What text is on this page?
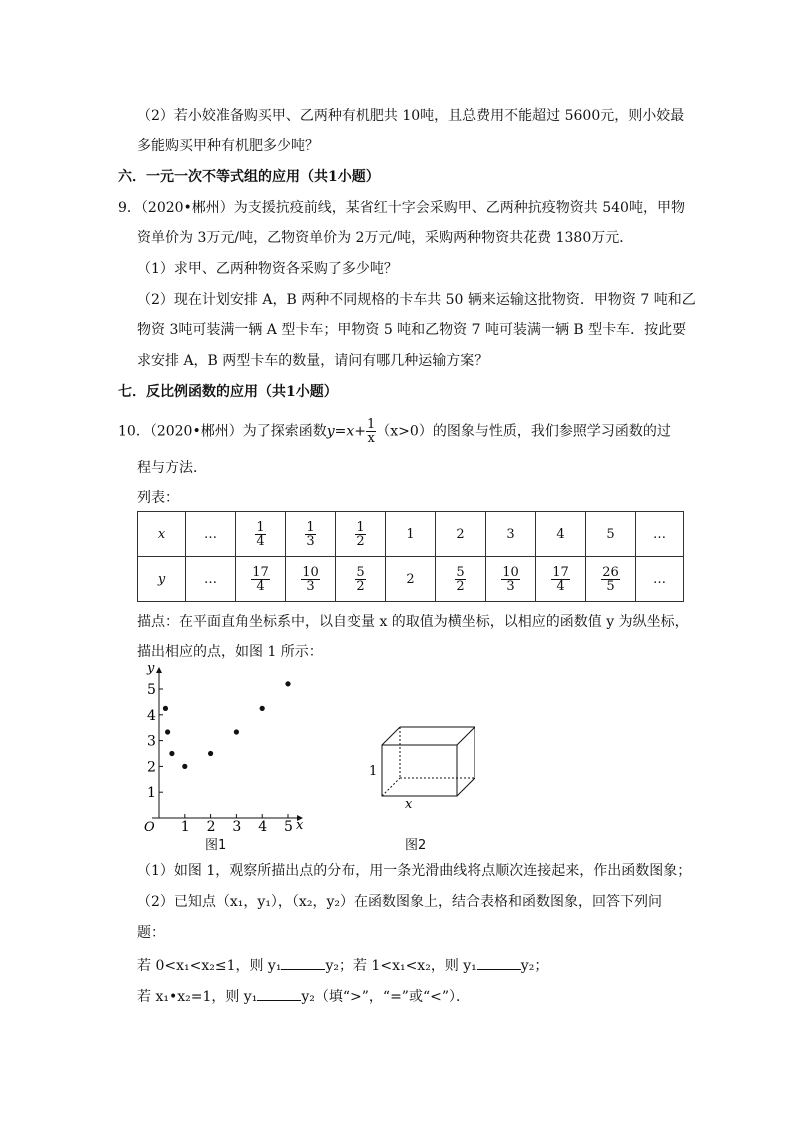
（2）若小姣准备购买甲、乙两种有机肥共 10吨，且总费用不能超过 5600元，则小姣最
多能购买甲种有机肥多少吨？
六．一元一次不等式组的应用（共1小题）
9．（2020•郴州）为支援抗疫前线，某省红十字会采购甲、乙两种抗疫物资共 540吨，甲物
资单价为 3万元/吨，乙物资单价为 2万元/吨，采购两种物资共花费 1380万元．
（1）求甲、乙两种物资各采购了多少吨？
（2）现在计划安排 A，B 两种不同规格的卡车共 50 辆来运输这批物资．甲物资 7 吨和乙
物资 3吨可装满一辆 A 型卡车；甲物资 5 吨和乙物资 7 吨可装满一辆 B 型卡车．按此要
求安排 A，B 两型卡车的数量，请问有哪几种运输方案？
七．反比例函数的应用（共1小题）
10．（2020•郴州）为了探索函数$y=x+ \frac{1}{x} (x>0)$的图象与性质，我们参照学习函数的过
程与方法．
列表：
x	…	$\frac{1}{4}$	$\frac{1}{3}$	$\frac{1}{2}$	1	2	3	4	5	…
y	…	$\frac{17}{4}$	$\frac{10}{3}$	$\frac{5}{2}$	2	$\frac{5}{2}$	$\frac{10}{3}$	$\frac{17}{4}$	$\frac{26}{5}$	…
描点：在平面直角坐标系中，以自变量 x 的取值为横坐标，以相应的函数值 y 为纵坐标，
描出相应的点，如图 1 所示：
y
x
O
1
2
3
4
5
1 2 3 4 5
图1
1
x
图2
（1）如图 1，观察所描出点的分布，用一条光滑曲线将点顺次连接起来，作出函数图象；
（2）已知点（x₁，y₁），（x₂，y₂）在函数图象上，结合表格和函数图象，回答下列问
题：
若 0<x₁<x₂≤1，则 y₁	y₂；若 1<x₁<x₂，则 y₁	y₂；
若 x₁•x₂=1，则 y₁	y₂（填“>”，“=”或“<”）．
